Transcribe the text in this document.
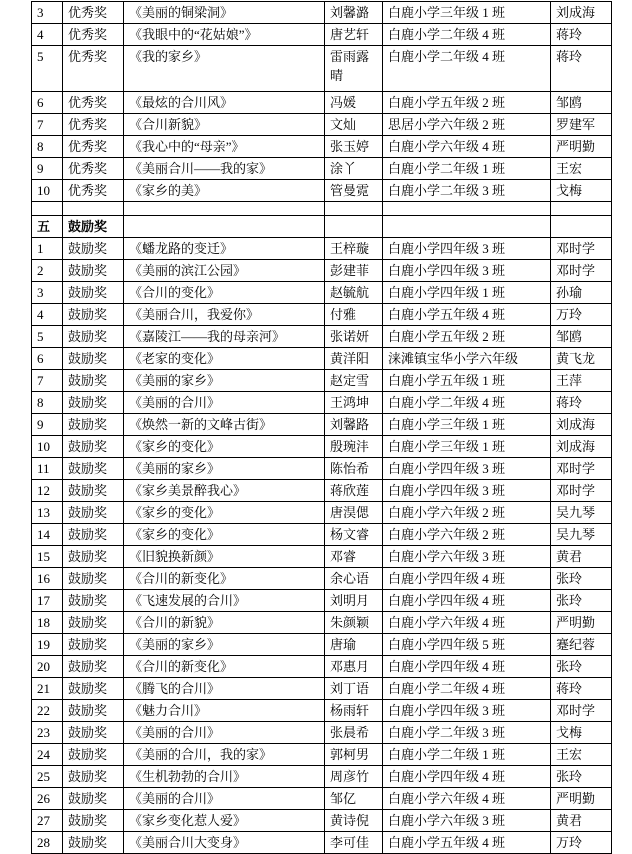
3	优秀奖	《美丽的铜梁洞》	刘馨潞	白鹿小学三年级 1 班	刘成海
4	优秀奖	《我眼中的“花姑娘”》	唐艺轩	白鹿小学二年级 4 班	蒋玲
5	优秀奖	《我的家乡》	雷雨露晴	白鹿小学二年级 4 班	蒋玲
6	优秀奖	《最炫的合川风》	冯媛	白鹿小学五年级 2 班	邹鸥
7	优秀奖	《合川新貌》	文灿	思居小学六年级 2 班	罗建军
8	优秀奖	《我心中的“母亲”》	张玉婷	白鹿小学六年级 4 班	严明勤
9	优秀奖	《美丽合川——我的家》	涂丫	白鹿小学二年级 1 班	王宏
10	优秀奖	《家乡的美》	管曼霓	白鹿小学二年级 3 班	戈梅

五	鼓励奖				
1	鼓励奖	《蟠龙路的变迁》	王梓璇	白鹿小学四年级 3 班	邓时学
2	鼓励奖	《美丽的滨江公园》	彭建菲	白鹿小学四年级 3 班	邓时学
3	鼓励奖	《合川的变化》	赵毓航	白鹿小学四年级 1 班	孙瑜
4	鼓励奖	《美丽合川，我爱你》	付雅	白鹿小学五年级 4 班	万玲
5	鼓励奖	《嘉陵江——我的母亲河》	张诺妍	白鹿小学五年级 2 班	邹鸥
6	鼓励奖	《老家的变化》	黄洋阳	涞滩镇宝华小学六年级	黄飞龙
7	鼓励奖	《美丽的家乡》	赵定雪	白鹿小学五年级 1 班	王萍
8	鼓励奖	《美丽的合川》	王鸿坤	白鹿小学二年级 4 班	蒋玲
9	鼓励奖	《焕然一新的文峰古街》	刘馨路	白鹿小学三年级 1 班	刘成海
10	鼓励奖	《家乡的变化》	殷琬沣	白鹿小学三年级 1 班	刘成海
11	鼓励奖	《美丽的家乡》	陈怡希	白鹿小学四年级 3 班	邓时学
12	鼓励奖	《家乡美景醉我心》	蒋欣莲	白鹿小学四年级 3 班	邓时学
13	鼓励奖	《家乡的变化》	唐淏偲	白鹿小学六年级 2 班	吴九琴
14	鼓励奖	《家乡的变化》	杨文睿	白鹿小学六年级 2 班	吴九琴
15	鼓励奖	《旧貌换新颜》	邓睿	白鹿小学六年级 3 班	黄君
16	鼓励奖	《合川的新变化》	余心语	白鹿小学四年级 4 班	张玲
17	鼓励奖	《飞速发展的合川》	刘明月	白鹿小学四年级 4 班	张玲
18	鼓励奖	《合川的新貌》	朱颜颖	白鹿小学六年级 4 班	严明勤
19	鼓励奖	《美丽的家乡》	唐瑜	白鹿小学四年级 5 班	蹇纪蓉
20	鼓励奖	《合川的新变化》	邓惠月	白鹿小学四年级 4 班	张玲
21	鼓励奖	《腾飞的合川》	刘丁语	白鹿小学二年级 4 班	蒋玲
22	鼓励奖	《魅力合川》	杨雨轩	白鹿小学四年级 3 班	邓时学
23	鼓励奖	《美丽的合川》	张晨希	白鹿小学二年级 3 班	戈梅
24	鼓励奖	《美丽的合川，我的家》	郭柯男	白鹿小学二年级 1 班	王宏
25	鼓励奖	《生机勃勃的合川》	周彦竹	白鹿小学四年级 4 班	张玲
26	鼓励奖	《美丽的合川》	邹亿	白鹿小学六年级 4 班	严明勤
27	鼓励奖	《家乡变化惹人爱》	黄诗倪	白鹿小学六年级 3 班	黄君
28	鼓励奖	《美丽合川大变身》	李可佳	白鹿小学五年级 4 班	万玲
